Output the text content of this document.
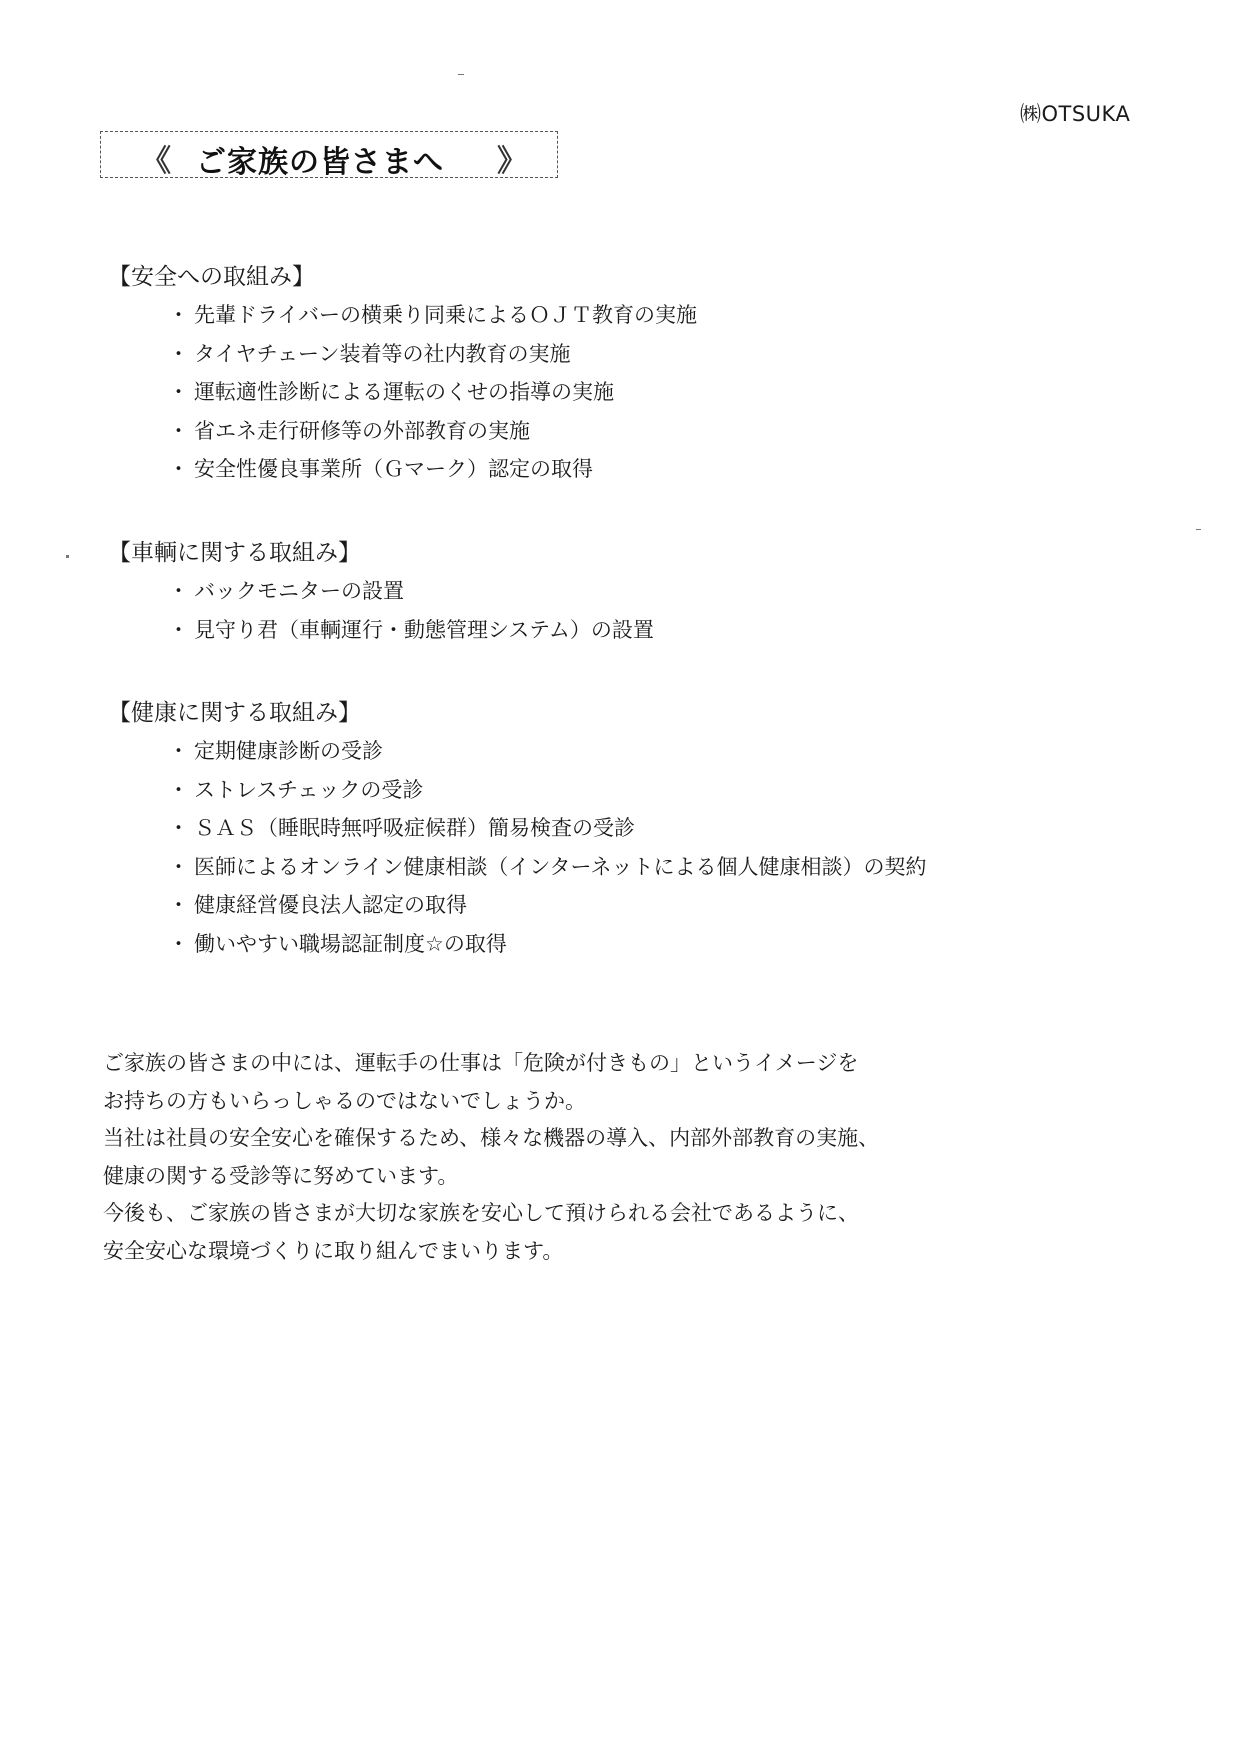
㈱OTSUKA
《 ご家族の皆さまへ 》
【安全への取組み】
・ 先輩ドライバーの横乗り同乗によるＯＪＴ教育の実施
・ タイヤチェーン装着等の社内教育の実施
・ 運転適性診断による運転のくせの指導の実施
・ 省エネ走行研修等の外部教育の実施
・ 安全性優良事業所（Ｇマーク）認定の取得
【車輌に関する取組み】
・ バックモニターの設置
・ 見守り君（車輌運行・動態管理システム）の設置
【健康に関する取組み】
・ 定期健康診断の受診
・ ストレスチェックの受診
・ ＳＡＳ（睡眠時無呼吸症候群）簡易検査の受診
・ 医師によるオンライン健康相談（インターネットによる個人健康相談）の契約
・ 健康経営優良法人認定の取得
・ 働いやすい職場認証制度☆の取得

ご家族の皆さまの中には、運転手の仕事は「危険が付きもの」というイメージを

お持ちの方もいらっしゃるのではないでしょうか。

当社は社員の安全安心を確保するため、様々な機器の導入、内部外部教育の実施、

健康の関する受診等に努めています。

今後も、ご家族の皆さまが大切な家族を安心して預けられる会社であるように、

安全安心な環境づくりに取り組んでまいります。
